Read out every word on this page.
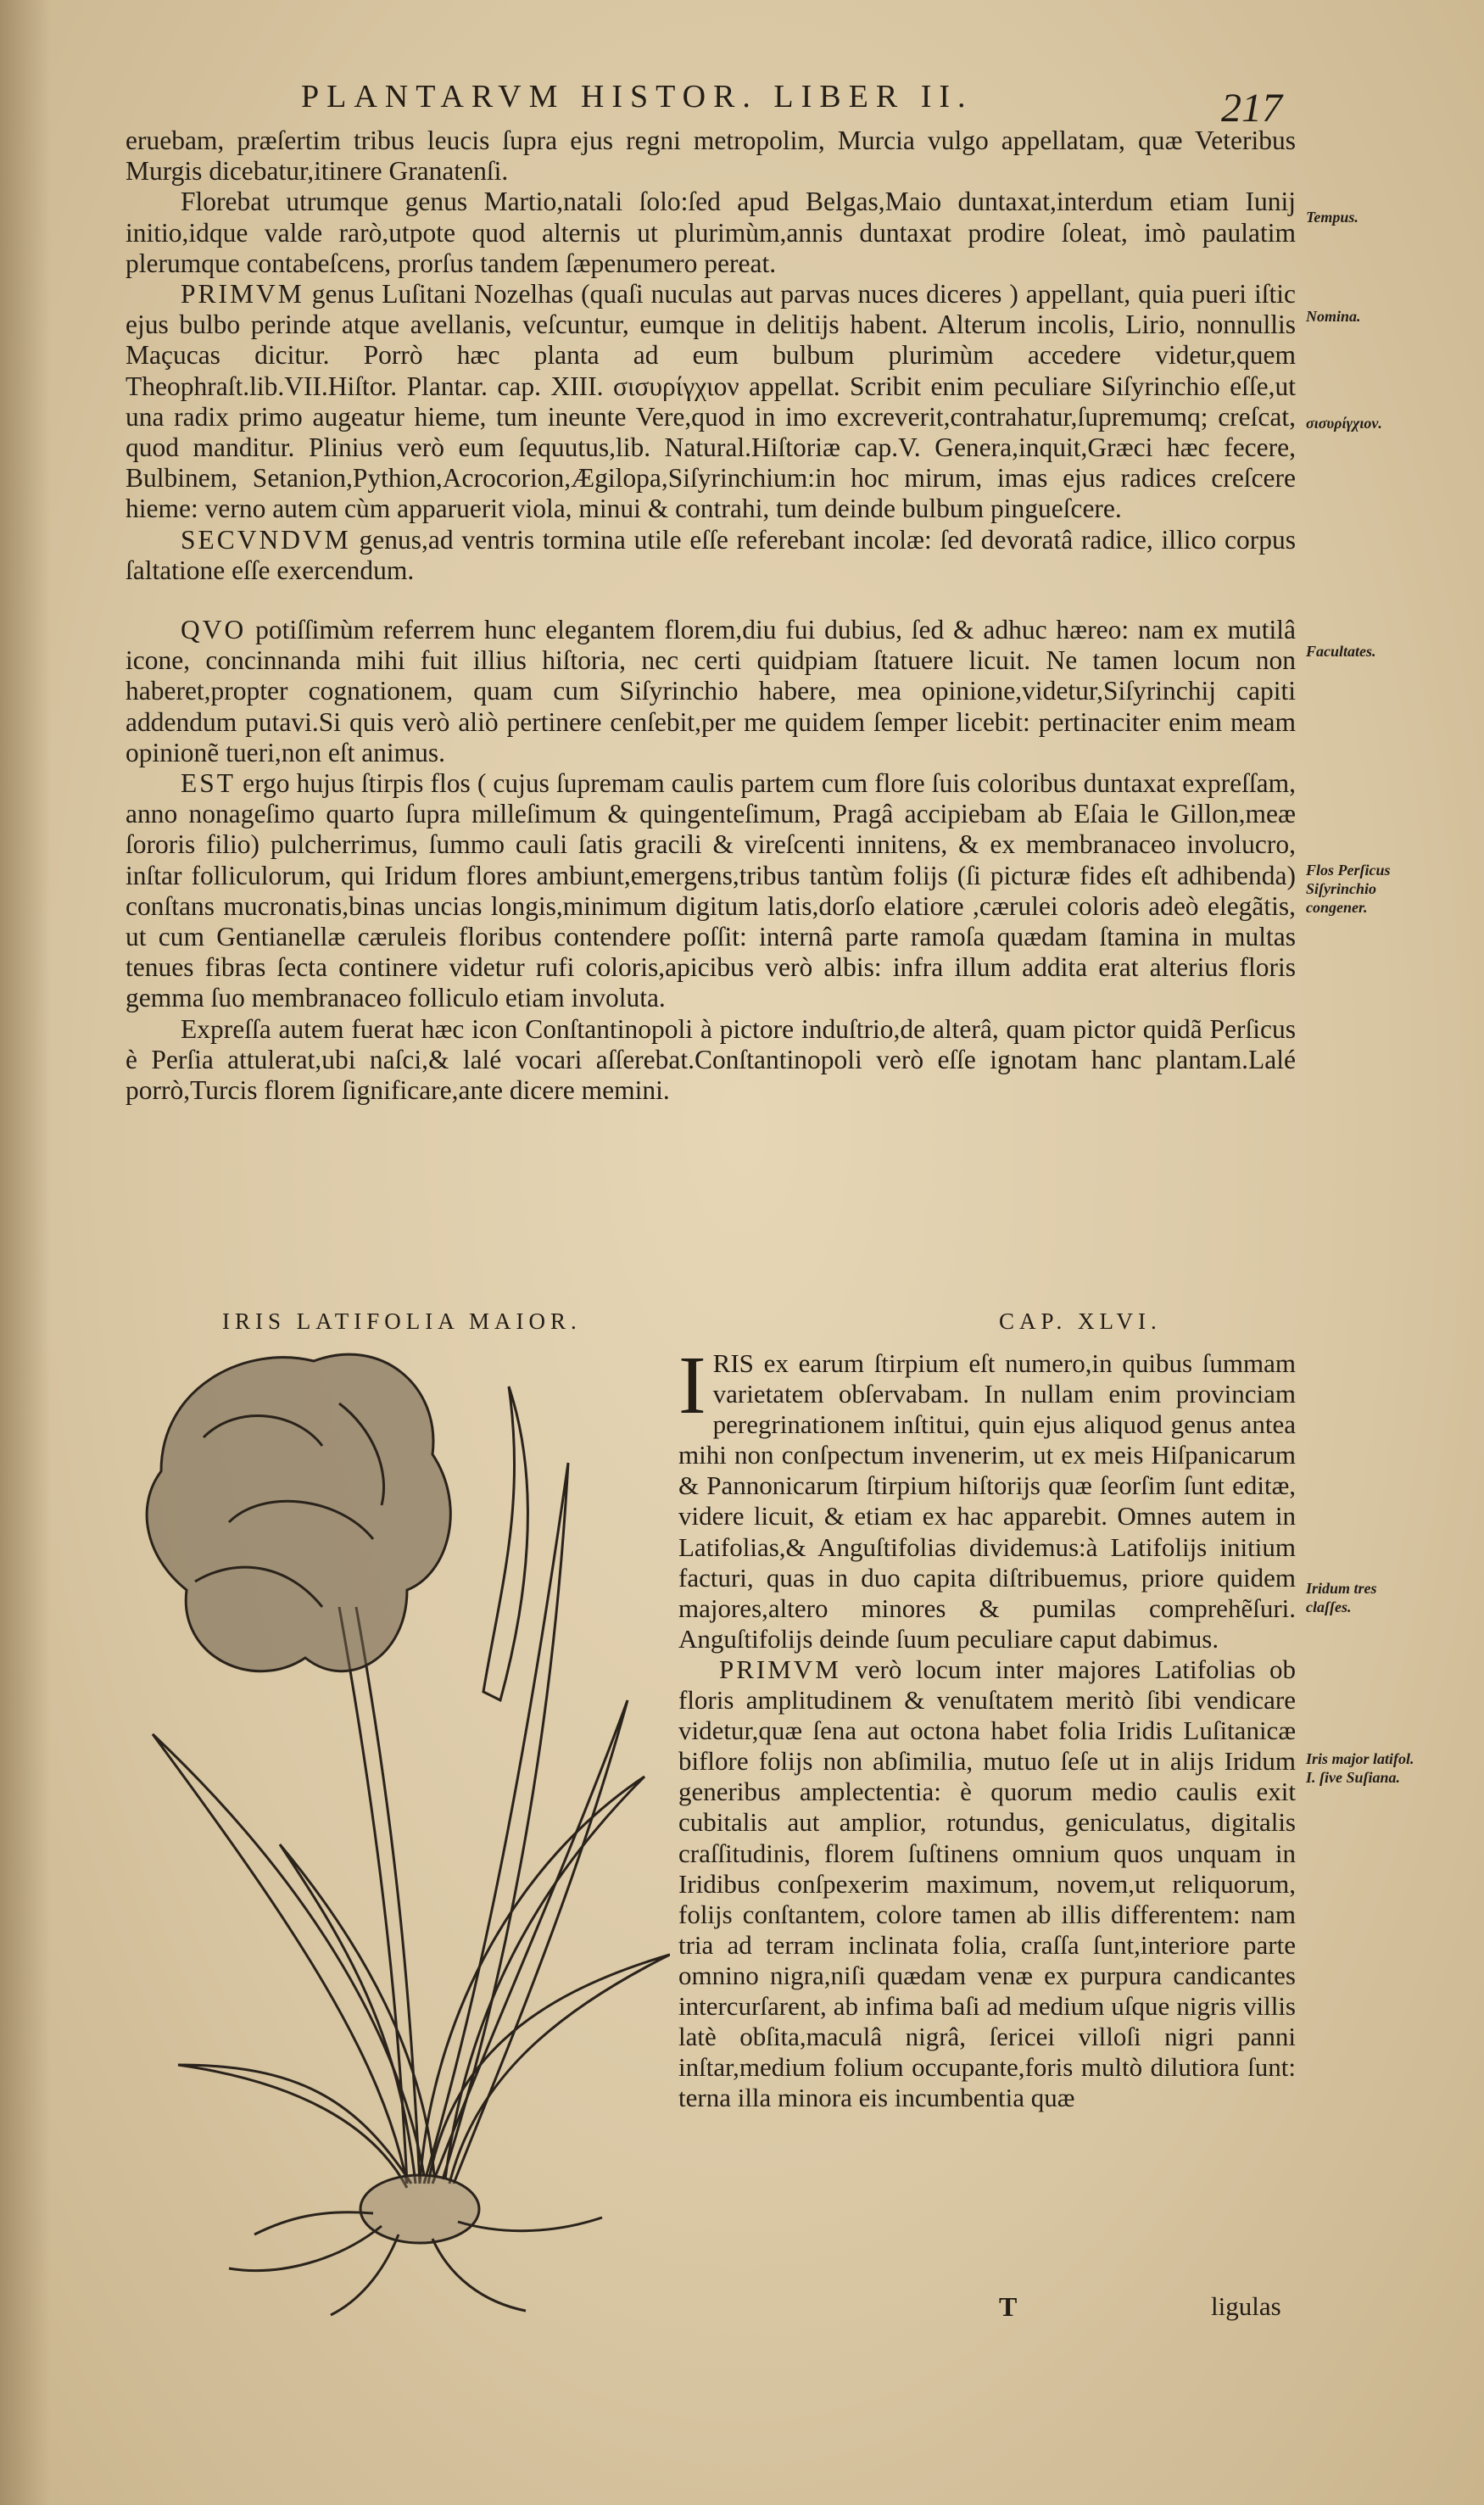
PLANTARVM HISTOR. LIBER II.	217

eruebam, præſertim tribus leucis ſupra ejus regni metropolim, Murcia vulgo appellatam, quæ Veteribus Murgis dicebatur,itinere Granatenſi.

Florebat utrumque genus Martio,natali ſolo:ſed apud Belgas,Maio duntaxat,interdum etiam Iunij initio,idque valde rarò,utpote quod alternis ut plurimùm,annis duntaxat prodire ſoleat, imò paulatim plerumque contabeſcens, prorſus tandem ſæpenumero pereat.

PRIMVM genus Luſitani Nozelhas (quaſi nuculas aut parvas nuces diceres ) appellant, quia pueri iſtic ejus bulbo perinde atque avellanis, veſcuntur, eumque in delitijs habent. Alterum incolis, Lirio, nonnullis Maçucas dicitur. Porrò hæc planta ad eum bulbum plurimùm accedere videtur,quem Theophraſt.lib.VII.Hiſtor. Plantar. cap. XIII. σισυρίγχιον appellat. Scribit enim peculiare Siſyrinchio eſſe,ut una radix primo augeatur hieme, tum ineunte Vere,quod in imo excreverit,contrahatur,ſupremumq; creſcat, quod manditur. Plinius verò eum ſequutus,lib. Natural.Hiſtoriæ cap.V. Genera,inquit,Græci hæc fecere, Bulbinem, Setanion,Pythion,Acrocorion,Ægilopa,Siſyrinchium:in hoc mirum, imas ejus radices creſcere hieme: verno autem cùm apparuerit viola, minui & contrahi, tum deinde bulbum pingueſcere.

SECVNDVM genus,ad ventris tormina utile eſſe referebant incolæ: ſed devoratâ radice, illico corpus ſaltatione eſſe exercendum.

QVO potiſſimùm referrem hunc elegantem florem,diu fui dubius, ſed & adhuc hæreo: nam ex mutilâ icone, concinnanda mihi fuit illius hiſtoria, nec certi quidpiam ſtatuere licuit. Ne tamen locum non haberet,propter cognationem, quam cum Siſyrinchio habere, mea opinione,videtur,Siſyrinchij capiti addendum putavi.Si quis verò aliò pertinere cenſebit,per me quidem ſemper licebit: pertinaciter enim meam opinionẽ tueri,non eſt animus.

EST ergo hujus ſtirpis flos ( cujus ſupremam caulis partem cum flore ſuis coloribus duntaxat expreſſam, anno nonageſimo quarto ſupra milleſimum & quingenteſimum, Pragâ accipiebam ab Eſaia le Gillon,meæ ſororis filio) pulcherrimus, ſummo cauli ſatis gracili & vireſcenti innitens, & ex membranaceo involucro, inſtar folliculorum, qui Iridum flores ambiunt,emergens,tribus tantùm folijs (ſi picturæ fides eſt adhibenda) conſtans mucronatis,binas uncias longis,minimum digitum latis,dorſo elatiore ,cærulei coloris adeò elegãtis, ut cum Gentianellæ cæruleis floribus contendere poſſit: internâ parte ramoſa quædam ſtamina in multas tenues fibras ſecta continere videtur rufi coloris,apicibus verò albis: infra illum addita erat alterius floris gemma ſuo membranaceo folliculo etiam involuta.

Expreſſa autem fuerat hæc icon Conſtantinopoli à pictore induſtrio,de alterâ, quam pictor quidã Perſicus è Perſia attulerat,ubi naſci,& lalé vocari aſſerebat.Conſtantinopoli verò eſſe ignotam hanc plantam.Lalé porrò,Turcis florem ſignificare,ante dicere memini.

Tempus.
Nomina.
σισυρίγχιον.
Facultates.
Flos Perſicus Siſyrinchio congener.
Iridum tres claſſes.
Iris major latifol. I. ſive Suſiana.
IRIS LATIFOLIA MAIOR.	CAP. XLVI.

IRIS ex earum ſtirpium eſt numero,in quibus ſummam varietatem obſervabam. In nullam enim provinciam peregrinationem inſtitui, quin ejus aliquod genus antea mihi non conſpectum invenerim, ut ex meis Hiſpanicarum & Pannonicarum ſtirpium hiſtorijs quæ ſeorſim ſunt editæ, videre licuit, & etiam ex hac apparebit. Omnes autem in Latifolias,& Anguſtifolias dividemus:à Latifolijs initium facturi, quas in duo capita diſtribuemus, priore quidem majores,altero minores & pumilas comprehẽſuri. Anguſtifolijs deinde ſuum peculiare caput dabimus.

PRIMVM verò locum inter majores Latifolias ob floris amplitudinem & venuſtatem meritò ſibi vendicare videtur,quæ ſena aut octona habet folia Iridis Luſitanicæ biflore folijs non abſimilia, mutuo ſeſe ut in alijs Iridum generibus amplectentia: è quorum medio caulis exit cubitalis aut amplior, rotundus, geniculatus, digitalis craſſitudinis, florem ſuſtinens omnium quos unquam in Iridibus conſpexerim maximum, novem,ut reliquorum, folijs conſtantem, colore tamen ab illis differentem: nam tria ad terram inclinata folia, craſſa ſunt,interiore parte omnino nigra,niſi quædam venæ ex purpura candicantes intercurſarent, ab infima baſi ad medium uſque nigris villis latè obſita,maculâ nigrâ, ſericei villoſi nigri panni inſtar,medium folium occupante,foris multò dilutiora ſunt: terna illa minora eis incumbentia quæ

T	ligulas
